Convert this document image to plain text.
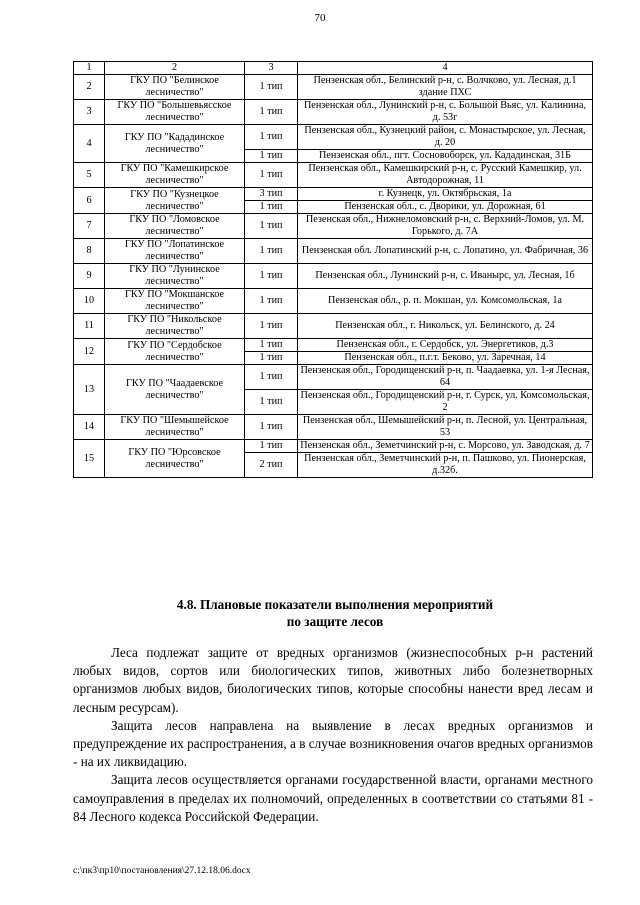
70
1	2	3	4
2	ГКУ ПО "Белинское лесничество"	1 тип	Пензенская обл., Белинский р-н, с. Волчково, ул. Лесная, д.1 здание ПХС
3	ГКУ ПО "Большевьясское лесничество"	1 тип	Пензенская обл., Лунинский р-н, с. Большой Вьяс, ул. Калинина, д. 53г
4	ГКУ ПО "Кададинское лесничество"	1 тип	Пензенская обл., Кузнецкий район, с. Монастырское, ул. Лесная, д. 20
		1 тип	Пензенская обл., пгт. Сосновоборск, ул. Кададинская, 31Б
5	ГКУ ПО "Камешкирское лесничество"	1 тип	Пензенская обл., Камешкирский р-н, с. Русский Камешкир, ул. Автодорожная, 11
6	ГКУ ПО "Кузнецкое лесничество"	3 тип	г. Кузнецк, ул. Октябрьская, 1а
		1 тип	Пензенская обл., с. Дворики, ул. Дорожная, 61
7	ГКУ ПО "Ломовское лесничество"	1 тип	Пезенская обл., Нижнеломовский р-н, с. Верхний-Ломов, ул. М. Горького, д. 7А
8	ГКУ ПО "Лопатинское лесничество"	1 тип	Пензенская обл. Лопатинский р-н, с. Лопатино, ул. Фабричная, 36
9	ГКУ ПО "Лунинское лесничество"	1 тип	Пензенская обл., Лунинский р-н, с. Иванырс, ул. Лесная, 1б
10	ГКУ ПО "Мокшанское лесничество"	1 тип	Пензенская обл., р. п. Мокшан, ул. Комсомольская, 1а
11	ГКУ ПО "Никольское лесничество"	1 тип	Пензенская обл., г. Никольск, ул. Белинского, д. 24
12	ГКУ ПО "Сердобское лесничество"	1 тип	Пензенская обл., г. Сердобск, ул. Энергетиков, д.3
		1 тип	Пензенская обл., п.г.т. Беково, ул. Заречная, 14
13	ГКУ ПО "Чаадаевское лесничество"	1 тип	Пензенская обл., Городищенский р-н, п. Чаадаевка, ул. 1-я Лесная, 64
		1 тип	Пензенская обл., Городищенский р-н, г. Сурск, ул. Комсомольская, 2
14	ГКУ ПО "Шемышейское лесничество"	1 тип	Пензенская обл., Шемышейский р-н, п. Лесной, ул. Центральная, 53
15	ГКУ ПО "Юрсовское лесничество"	1 тип	Пензенская обл., Земетчинский р-н, с. Морсово, ул. Заводская, д. 7
		2 тип	Пензенская обл., Земетчинский р-н, п. Пашково, ул. Пионерская, д.32б.
4.8. Плановые показатели выполнения мероприятий
по защите лесов

Леса подлежат защите от вредных организмов (жизнеспособных р-н растений любых видов, сортов или биологических типов, животных либо болезнетворных организмов любых видов, биологических типов, которые способны нанести вред лесам и лесным ресурсам).

Защита лесов направлена на выявление в лесах вредных организмов и предупреждение их распространения, а в случае возникновения очагов вредных организмов - на их ликвидацию.

Защита лесов осуществляется органами государственной власти, органами местного самоуправления в пределах их полномочий, определенных в соответствии со статьями 81 - 84 Лесного кодекса Российской Федерации.

c:\пк3\пр10\постановления\27.12.18.06.docx
